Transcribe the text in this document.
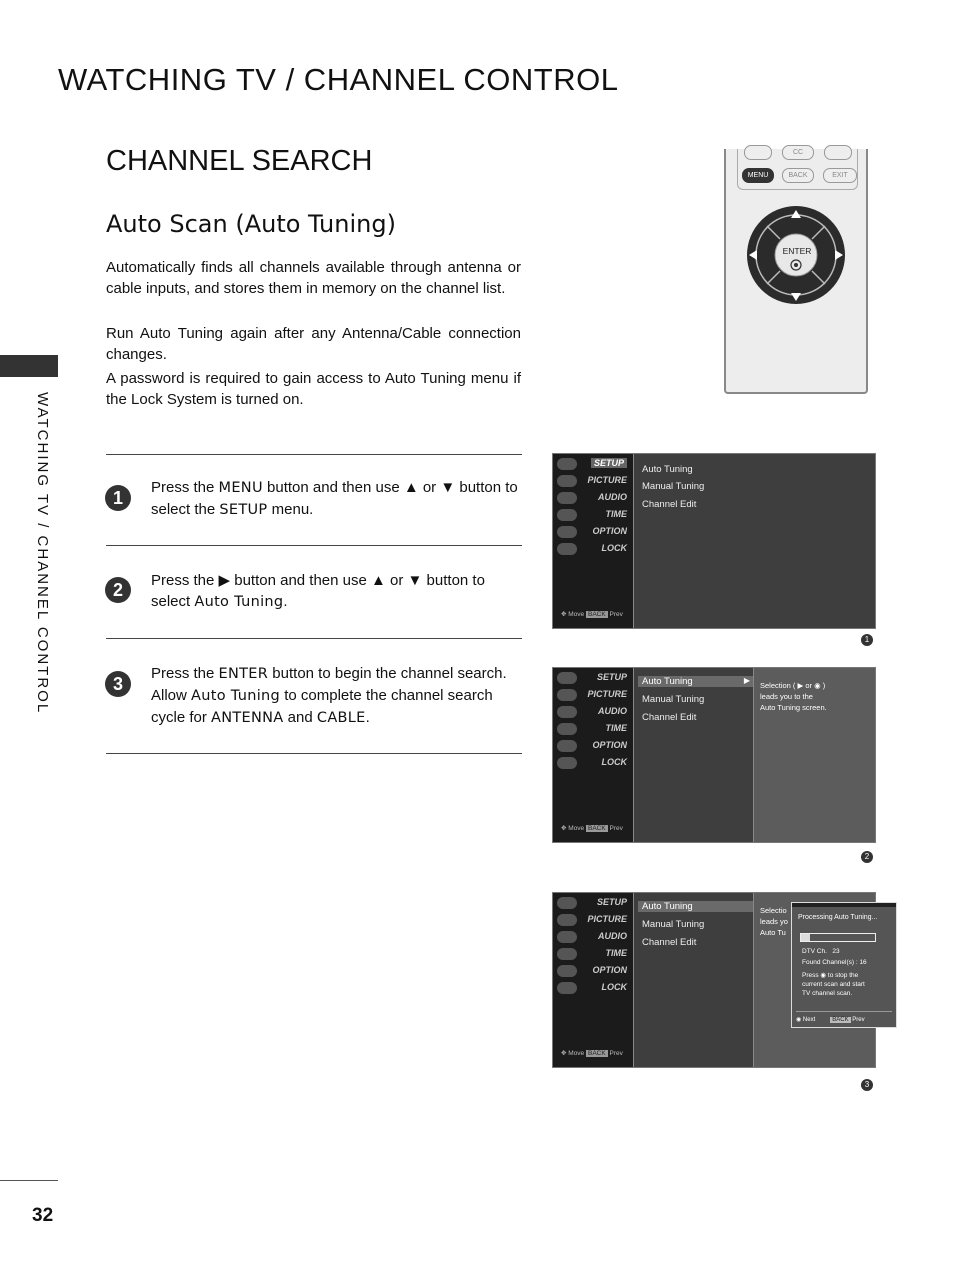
WATCHING TV / CHANNEL CONTROL
CHANNEL SEARCH
Auto Scan (Auto Tuning)
Automatically finds all channels available through antenna or cable inputs, and stores them in memory on the channel list.
Run Auto Tuning again after any Antenna/Cable connection changes.
A password is required to gain access to Auto Tuning menu if the Lock System is turned on.
WATCHING TV / CHANNEL CONTROL
32
1
Press the MENU button and then use ▲ or ▼ button to select the SETUP menu.
2	Press the ▶ button and then use ▲ or ▼ button to select Auto Tuning.
3
Press the ENTER button to begin the channel search. Allow Auto Tuning to complete the channel search cycle for ANTENNA and CABLE.
CC
MENU	BACK	EXIT
ENTER
SETUP
PICTURE
AUDIO
TIME
OPTION
LOCK
✥ Move BACK Prev
Auto Tuning
Manual Tuning
Channel Edit
1
SETUP
PICTURE
AUDIO
TIME
OPTION
LOCK
✥ Move BACK Prev
Auto Tuning	▶
Manual Tuning
Channel Edit
Selection ( ▶ or ◉ )
leads you to the
Auto Tuning screen.
2
SETUP
PICTURE
AUDIO
TIME
OPTION
LOCK
✥ Move BACK Prev
Auto Tuning
Manual Tuning
Channel Edit
Selectio
leads yo
Auto Tu
Processing Auto Tuning...
DTV Ch. 23
Found Channel(s) : 16
Press ◉ to stop the
current scan and start
TV channel scan.
◉ Next	BACK Prev
3
